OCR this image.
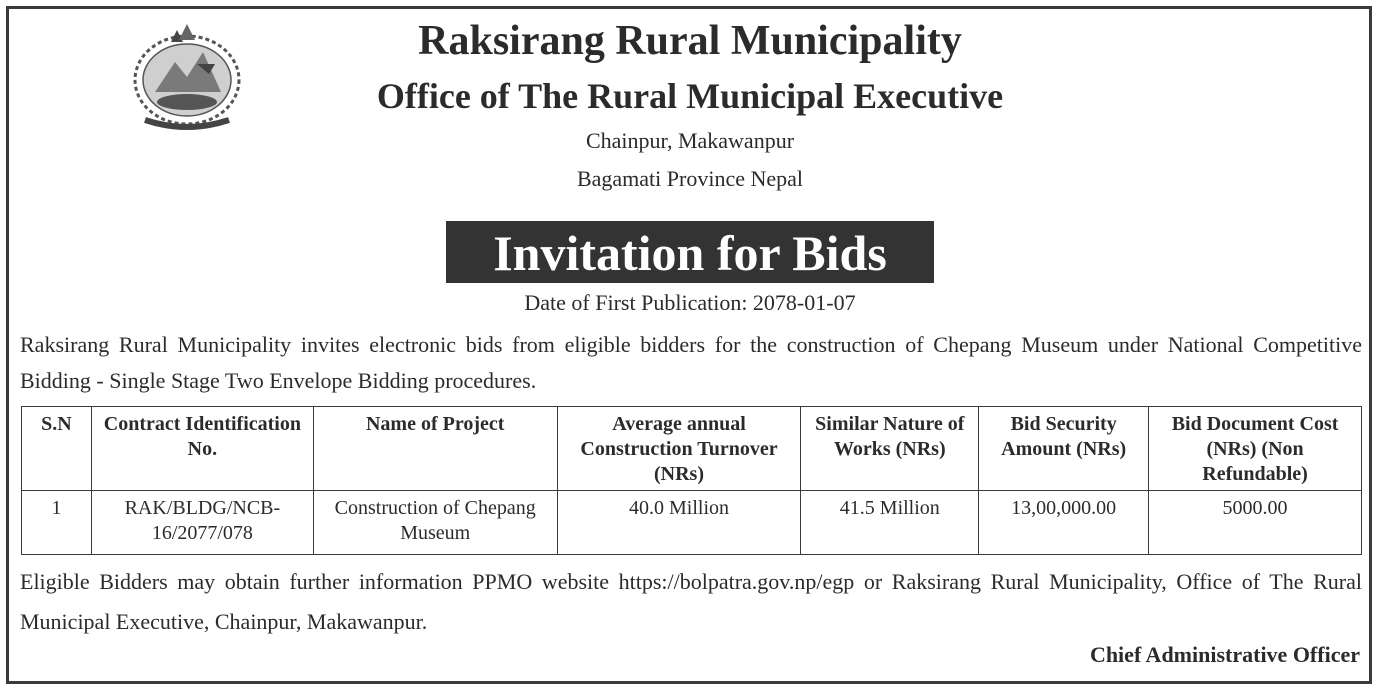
Raksirang Rural Municipality

Office of The Rural Municipal Executive

Chainpur, Makawanpur

Bagamati Province Nepal

Invitation for Bids
Date of First Publication: 2078-01-07
Raksirang Rural Municipality invites electronic bids from eligible bidders for the construction of Chepang Museum under National Competitive Bidding - Single Stage Two Envelope Bidding procedures.
S.N	Contract Identification No.	Name of Project	Average annual Construction Turnover (NRs)	Similar Nature of Works (NRs)	Bid Security Amount (NRs)	Bid Document Cost (NRs) (Non Refundable)
1	RAK/BLDG/NCB-16/2077/078	Construction of Chepang Museum	40.0 Million	41.5 Million	13,00,000.00	5000.00
Eligible Bidders may obtain further information PPMO website https://bolpatra.gov.np/egp or Raksirang Rural Municipality, Office of The Rural Municipal Executive, Chainpur, Makawanpur.
Chief Administrative Officer
